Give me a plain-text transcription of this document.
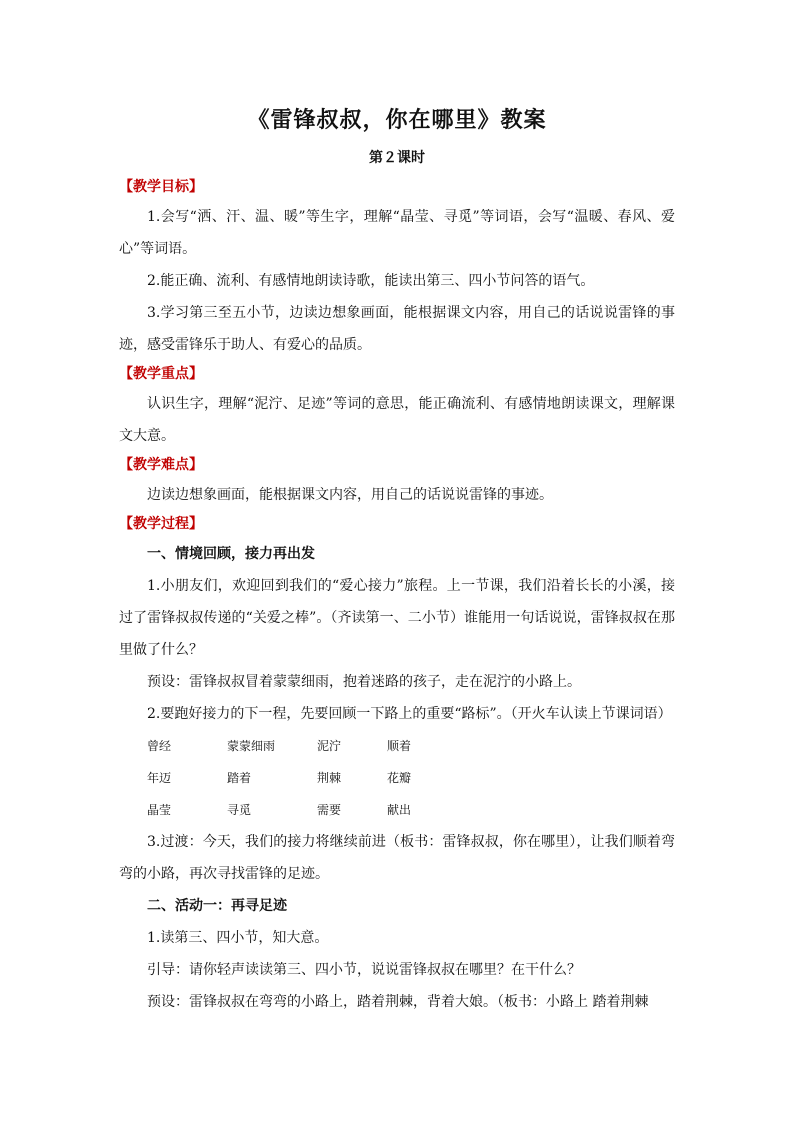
《雷锋叔叔，你在哪里》教案
第２课时
【教学目标】
1.会写“洒、汗、温、暖”等生字，理解“晶莹、寻觅”等词语，会写“温暖、春风、爱心”等词语。
2.能正确、流利、有感情地朗读诗歌，能读出第三、四小节问答的语气。
3.学习第三至五小节，边读边想象画面，能根据课文内容，用自己的话说说雷锋的事迹，感受雷锋乐于助人、有爱心的品质。
【教学重点】
认识生字，理解“泥泞、足迹”等词的意思，能正确流利、有感情地朗读课文，理解课文大意。
【教学难点】
边读边想象画面，能根据课文内容，用自己的话说说雷锋的事迹。
【教学过程】
一、情境回顾，接力再出发
1.小朋友们，欢迎回到我们的“爱心接力”旅程。上一节课，我们沿着长长的小溪，接过了雷锋叔叔传递的“关爱之棒”。（齐读第一、二小节）谁能用一句话说说，雷锋叔叔在那里做了什么？
预设：雷锋叔叔冒着蒙蒙细雨，抱着迷路的孩子，走在泥泞的小路上。
2.要跑好接力的下一程，先要回顾一下路上的重要“路标”。（开火车认读上节课词语）
曾经	蒙蒙细雨	泥泞	顺着
年迈	踏着	荆棘	花瓣
晶莹	寻觅	需要	献出
3.过渡：今天，我们的接力将继续前进（板书：雷锋叔叔，你在哪里），让我们顺着弯弯的小路，再次寻找雷锋的足迹。
二、活动一：再寻足迹
1.读第三、四小节，知大意。
引导：请你轻声读读第三、四小节，说说雷锋叔叔在哪里？在干什么？
预设：雷锋叔叔在弯弯的小路上，踏着荆棘，背着大娘。（板书：小路上 踏着荆棘
